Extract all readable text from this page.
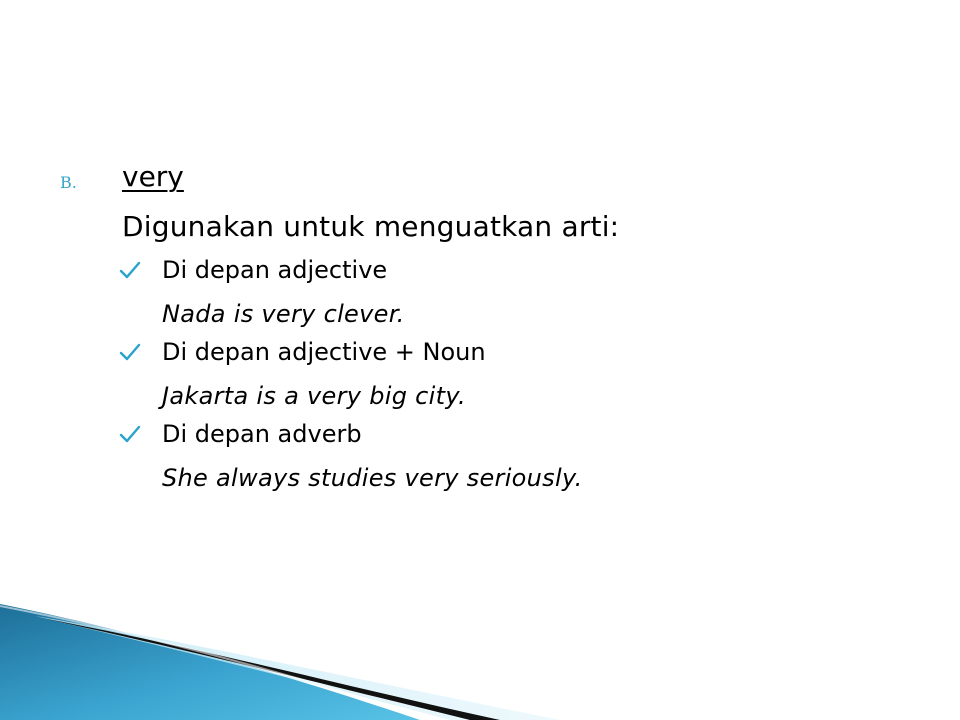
B. very
Digunakan untuk menguatkan arti:
Di depan adjective
Nada is very clever.
Di depan adjective + Noun
Jakarta is a very big city.
Di depan adverb
She always studies very seriously.
